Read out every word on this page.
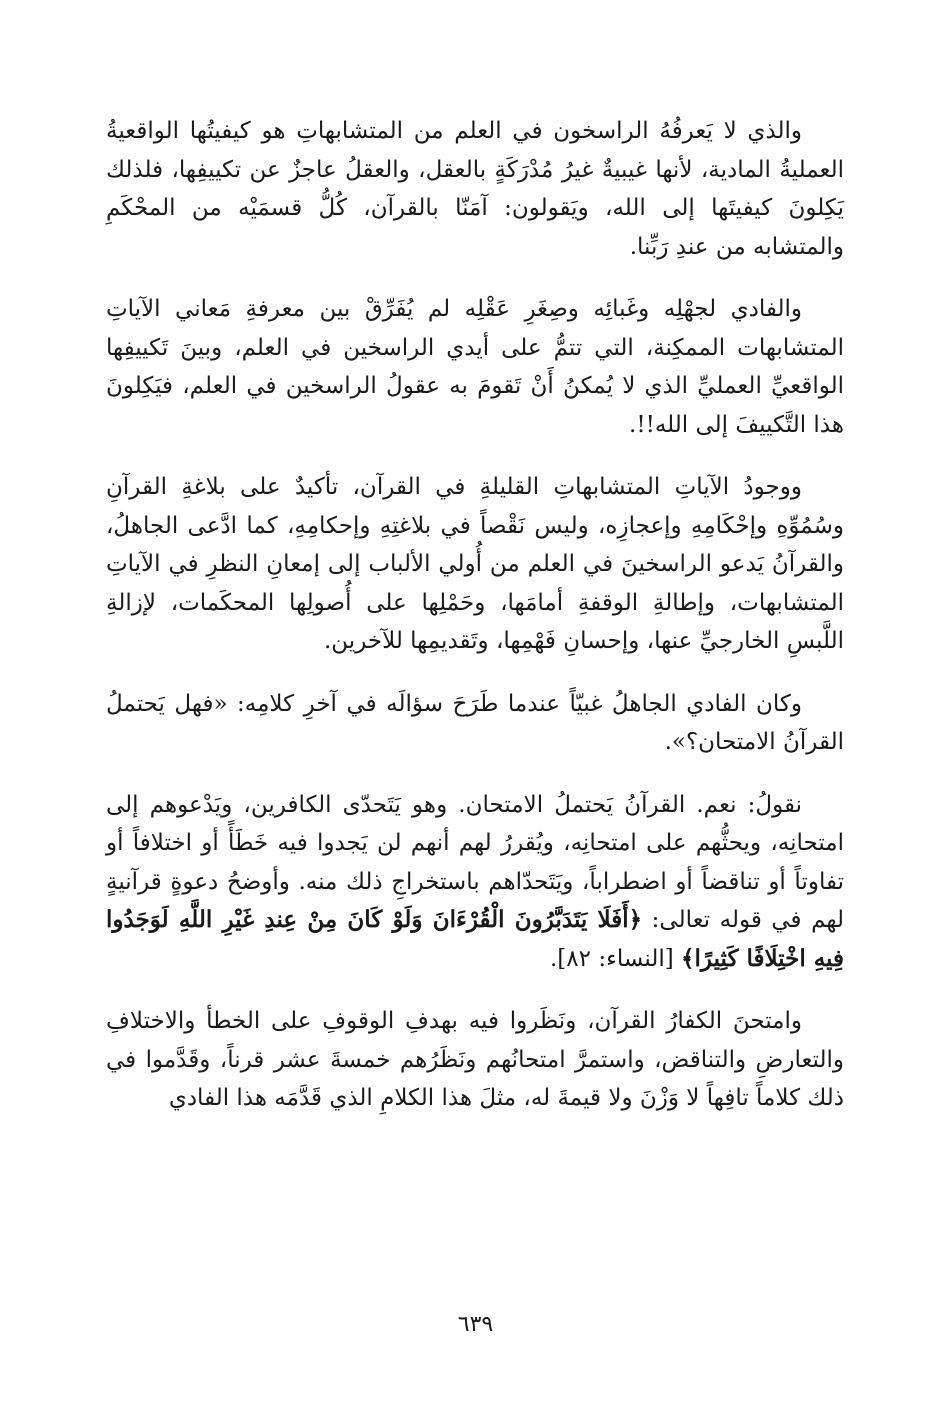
والذي لا يَعرفُهُ الراسخون في العلم من المتشابهاتِ هو كيفيتُها الواقعيةُ العمليةُ المادية، لأنها غيبيةٌ غيرُ مُدْرَكَةٍ بالعقل، والعقلُ عاجزٌ عن تكييفِها، فلذلك يَكِلونَ كيفيتَها إلى الله، ويَقولون: آمَنّا بالقرآن، كُلُّ قسمَيْه من المحْكَمِ والمتشابه من عندِ رَبِّنا.

والفادي لجهْلِه وغَبائِه وصِغَرِ عَقْلِه لم يُفَرِّقْ بين معرفةِ مَعاني الآياتِ المتشابهات الممكِنة، التي تتمُّ على أيدي الراسخين في العلم، وبينَ تَكييفِها الواقعيِّ العمليِّ الذي لا يُمكنُ أَنْ تَقومَ به عقولُ الراسخين في العلم، فيَكِلونَ هذا التَّكييفَ إلى الله!!.

ووجودُ الآياتِ المتشابهاتِ القليلةِ في القرآن، تأكيدٌ على بلاغةِ القرآنِ وسُمُوِّهِ وإحْكَامِهِ وإعجازِه، وليس نَقْصاً في بلاغتِهِ وإحكامِهِ، كما ادَّعى الجاهلُ، والقرآنُ يَدعو الراسخينَ في العلم من أُولي الألباب إلى إمعانِ النظرِ في الآياتِ المتشابهات، وإطالةِ الوقفةِ أمامَها، وحَمْلِها على أُصولِها المحكَمات، لإزالةِ اللَّبسِ الخارجيِّ عنها، وإحسانِ فَهْمِها، وتَقديمِها للآخرين.

وكان الفادي الجاهلُ غبيّاً عندما طَرَحَ سؤالَه في آخرِ كلامِه: «فهل يَحتملُ القرآنُ الامتحان؟».

نقولُ: نعم. القرآنُ يَحتملُ الامتحان. وهو يَتَحدّى الكافرين، ويَدْعوهم إلى امتحانِه، ويحثُّهم على امتحانِه، ويُقررُ لهم أنهم لن يَجدوا فيه خَطَأً أو اختلافاً أو تفاوتاً أو تناقضاً أو اضطراباً، ويَتَحدّاهم باستخراجِ ذلك منه. وأوضحُ دعوةٍ قرآنيةٍ لهم في قوله تعالى: ﴿أَفَلَا يَتَدَبَّرُونَ الْقُرْءَانَ وَلَوْ كَانَ مِنْ عِندِ غَيْرِ اللَّهِ لَوَجَدُوا فِيهِ اخْتِلَافًا كَثِيرًا﴾ [النساء: ٨٢].

وامتحنَ الكفارُ القرآن، ونَظَروا فيه بهدفِ الوقوفِ على الخطأ والاختلافِ والتعارضِ والتناقض، واستمرَّ امتحانُهم ونَظَرُهم خمسةَ عشر قرناً، وقَدَّموا في ذلك كلاماً تافِهاً لا وَزْنَ ولا قيمةَ له، مثلَ هذا الكلامِ الذي قَدَّمَه هذا الفادي

٦٣٩
